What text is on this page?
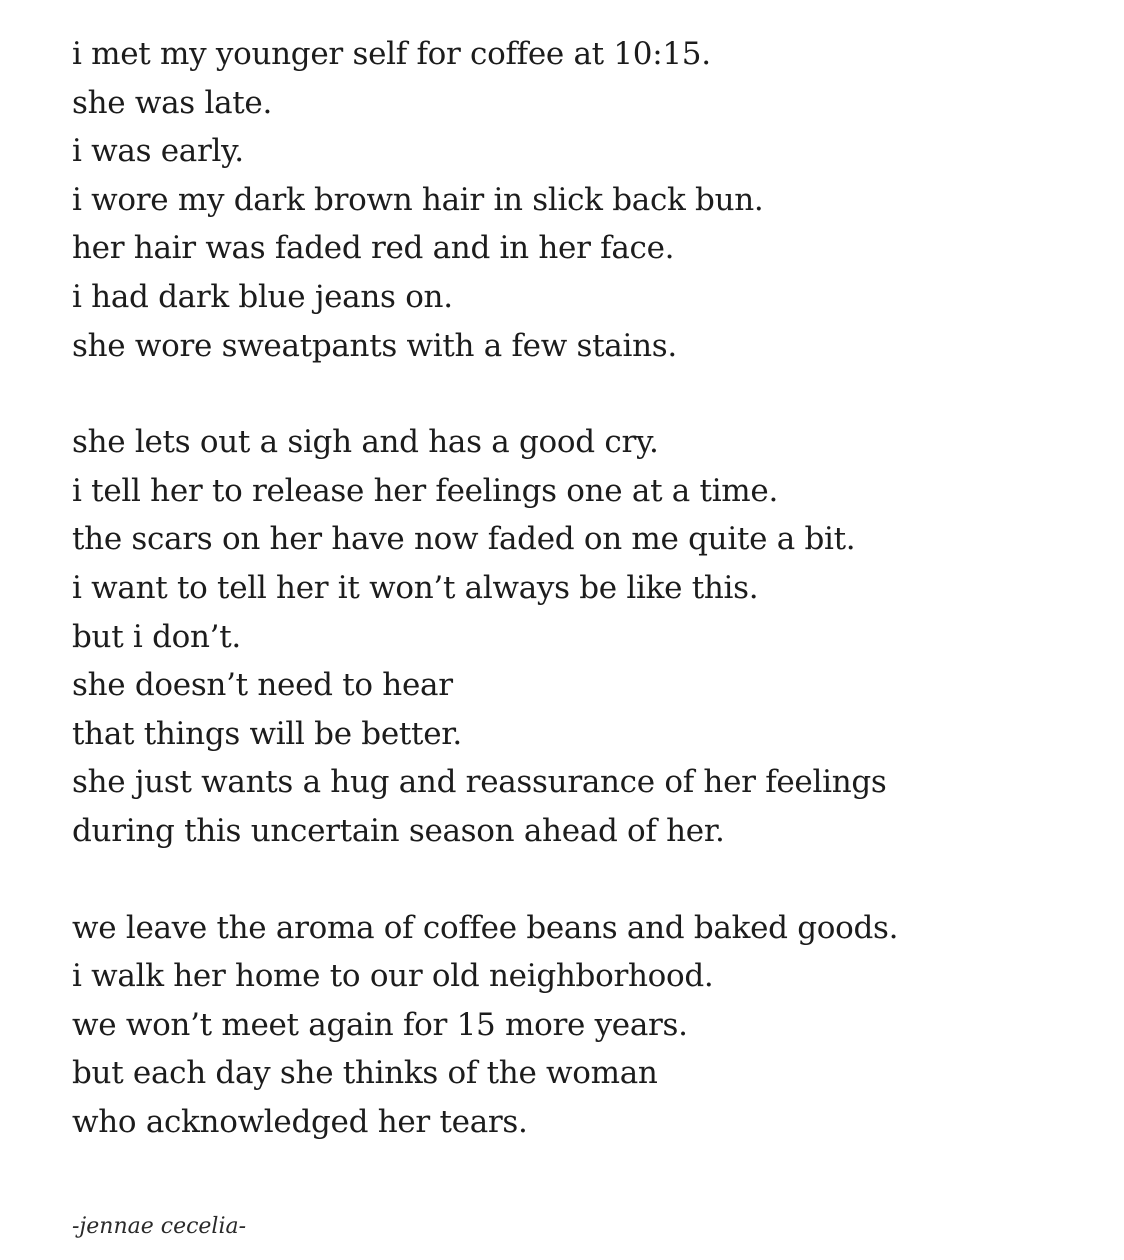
i met my younger self for coffee at 10:15.
she was late.
i was early.
i wore my dark brown hair in slick back bun.
her hair was faded red and in her face.
i had dark blue jeans on.
she wore sweatpants with a few stains.

she lets out a sigh and has a good cry.
i tell her to release her feelings one at a time.
the scars on her have now faded on me quite a bit.
i want to tell her it won’t always be like this.
but i don’t.
she doesn’t need to hear
that things will be better.
she just wants a hug and reassurance of her feelings
during this uncertain season ahead of her.

we leave the aroma of coffee beans and baked goods.
i walk her home to our old neighborhood.
we won’t meet again for 15 more years.
but each day she thinks of the woman
who acknowledged her tears.

-jennae cecelia-
